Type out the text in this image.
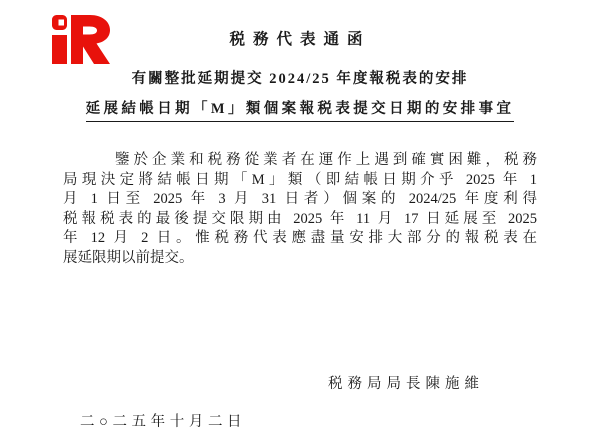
税務代表通函
有關整批延期提交 2024/25 年度報税表的安排
延展結帳日期「M」類個案報税表提交日期的安排事宜
鑒於企業和税務從業者在運作上遇到確實困難，税務
局現決定將結帳日期「M」類（即結帳日期介乎 2025 年 1
月 1 日至 2025 年 3 月 31 日者）個案的 2024/25 年度利得
税報税表的最後提交限期由 2025 年 11 月 17 日延展至 2025
年 12 月 2 日。惟税務代表應盡量安排大部分的報税表在
展延限期以前提交。
税務局局長陳施維
二○二五年十月二日
